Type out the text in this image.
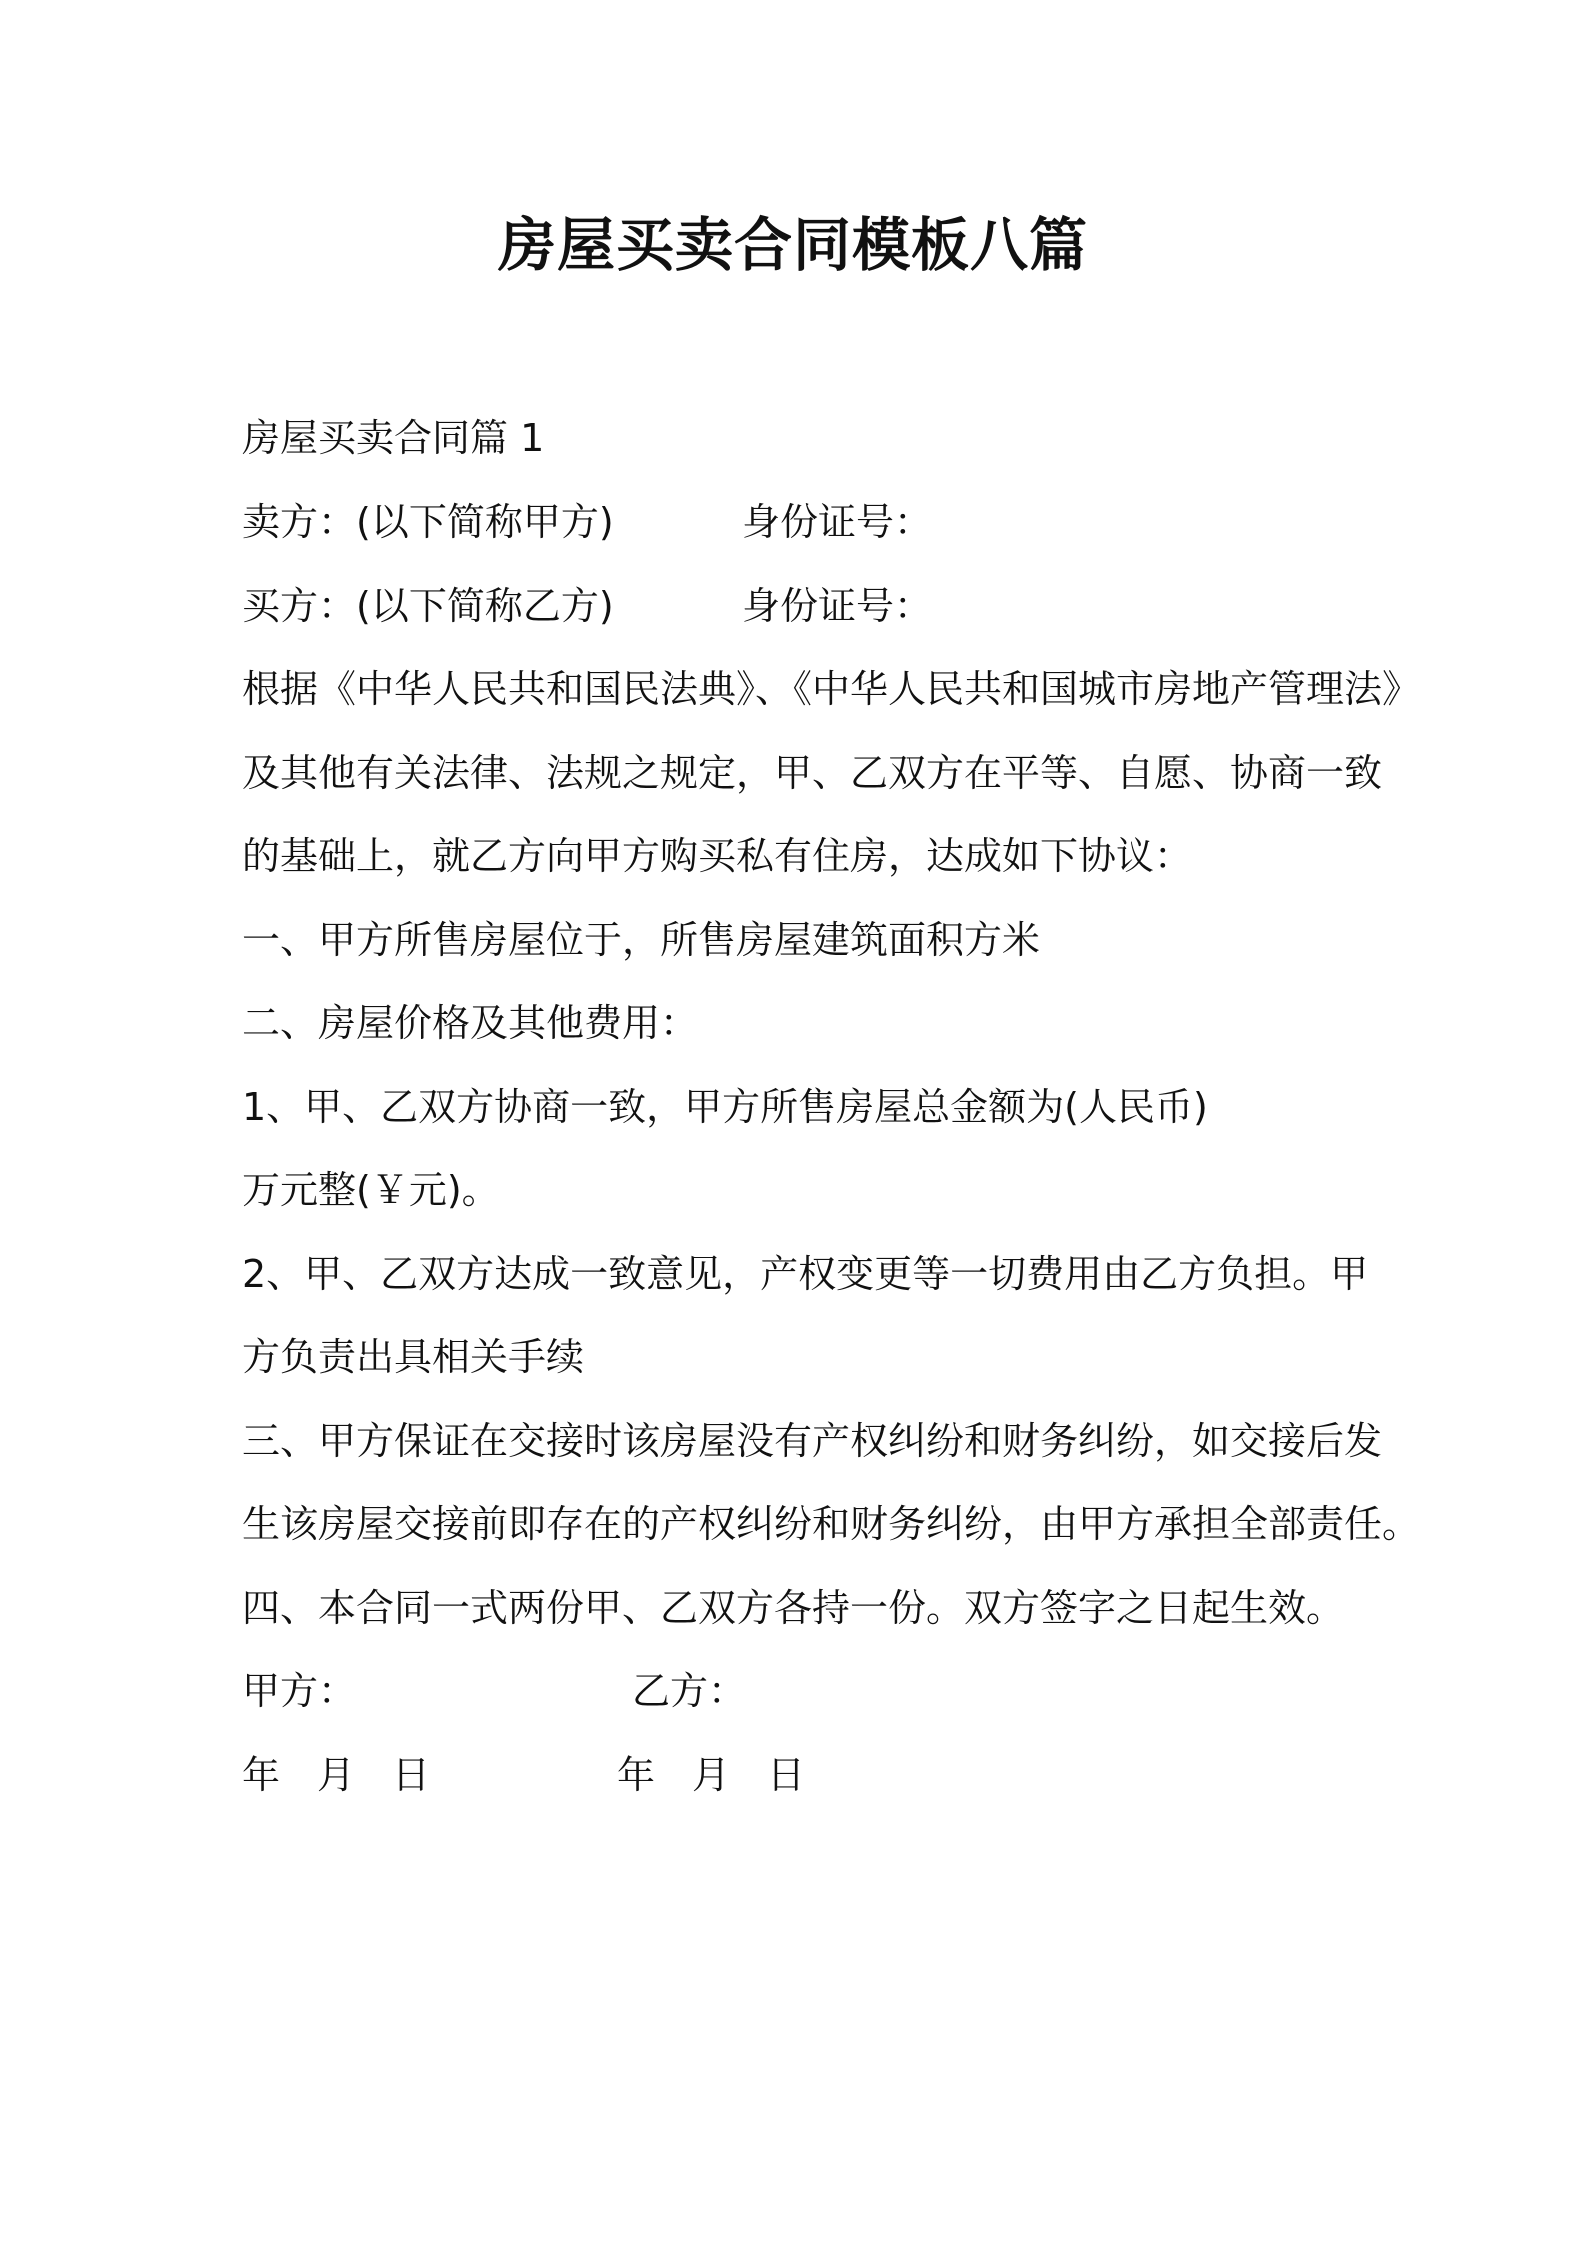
房屋买卖合同模板八篇

房屋买卖合同篇 1

卖方：(以下简称甲方)	身份证号：
买方：(以下简称乙方)	身份证号：

根据《中华人民共和国民法典》、《中华人民共和国城市房地产管理法》

及其他有关法律、法规之规定，甲、乙双方在平等、自愿、协商一致

的基础上，就乙方向甲方购买私有住房，达成如下协议：

一、甲方所售房屋位于，所售房屋建筑面积方米

二、房屋价格及其他费用：

1、甲、乙双方协商一致，甲方所售房屋总金额为(人民币)

万元整(￥元)。

2、甲、乙双方达成一致意见，产权变更等一切费用由乙方负担。甲

方负责出具相关手续

三、甲方保证在交接时该房屋没有产权纠纷和财务纠纷，如交接后发

生该房屋交接前即存在的产权纠纷和财务纠纷，由甲方承担全部责任。

四、本合同一式两份甲、乙双方各持一份。双方签字之日起生效。

甲方：	乙方：
年 月 日	年 月 日
